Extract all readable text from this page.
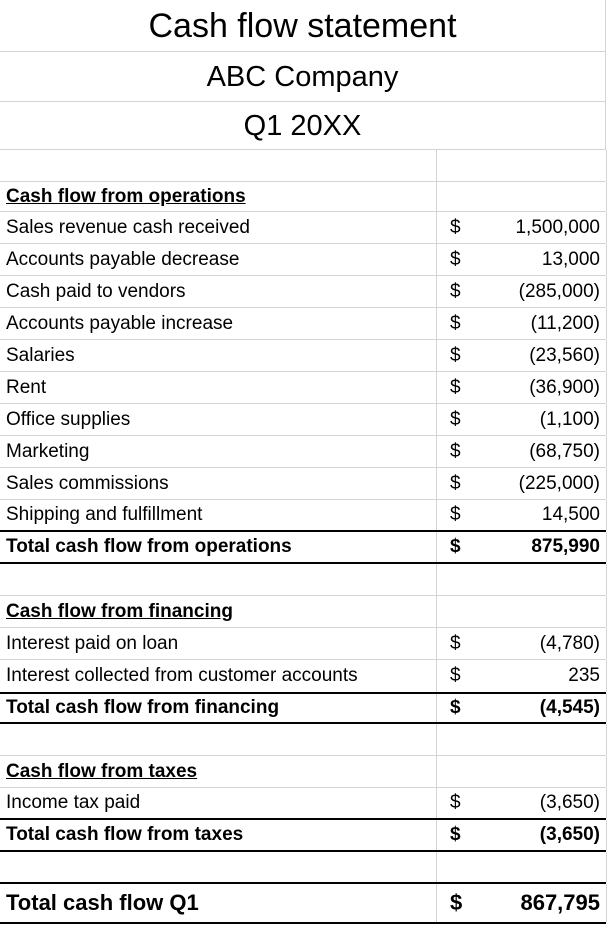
Cash flow statement
ABC Company
Q1 20XX
Cash flow from operations
Sales revenue cash received	$	1,500,000
Accounts payable decrease	$	13,000
Cash paid to vendors	$	(285,000)
Accounts payable increase	$	(11,200)
Salaries	$	(23,560)
Rent	$	(36,900)
Office supplies	$	(1,100)
Marketing	$	(68,750)
Sales commissions	$	(225,000)
Shipping and fulfillment	$	14,500
Total cash flow from operations	$	875,990
Cash flow from financing
Interest paid on loan	$	(4,780)
Interest collected from customer accounts	$	235
Total cash flow from financing	$	(4,545)
Cash flow from taxes
Income tax paid	$	(3,650)
Total cash flow from taxes	$	(3,650)
Total cash flow Q1	$	867,795
